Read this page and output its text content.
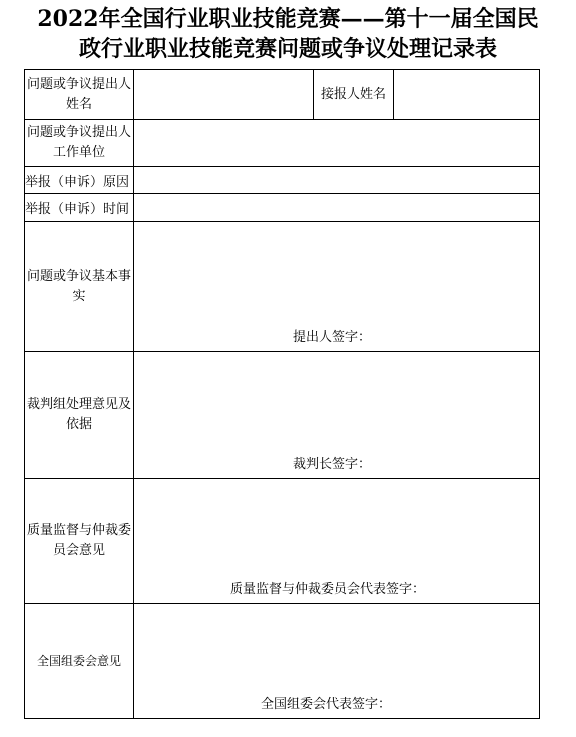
2022年全国行业职业技能竞赛——第十一届全国民
政行业职业技能竞赛问题或争议处理记录表
问题或争议提出人姓名		接报人姓名	
问题或争议提出人工作单位			
举报（申诉）原因			
举报（申诉）时间			
问题或争议基本事实	提出人签字：		

裁判组处理意见及依据	裁判长签字：		

质量监督与仲裁委员会意见	质量监督与仲裁委员会代表签字：		

全国组委会意见	全国组委会代表签字：		
